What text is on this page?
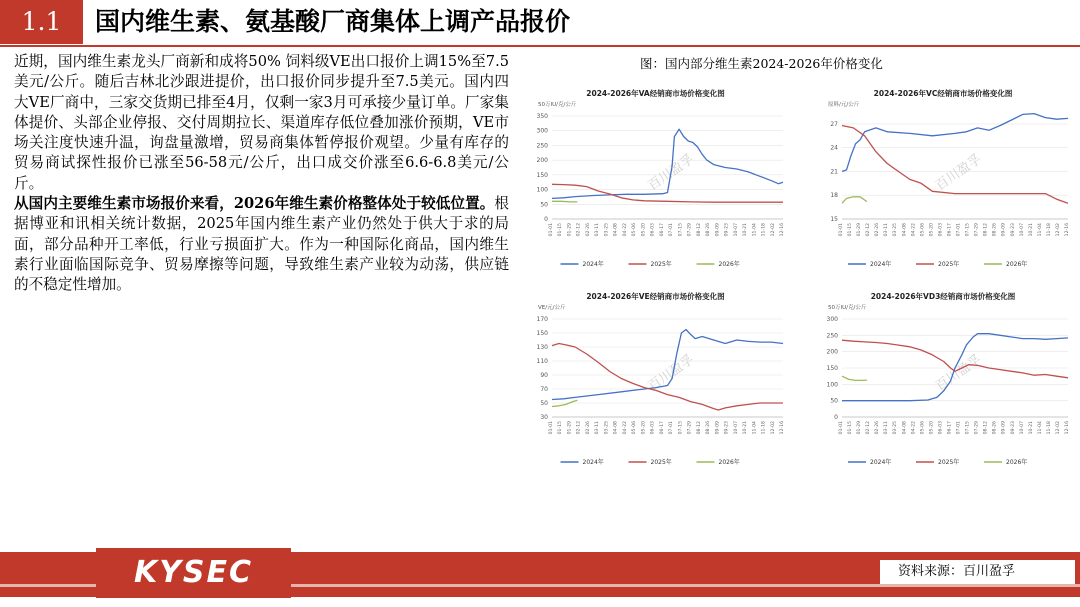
1.1	国内维生素、氨基酸厂商集体上调产品报价

近期，国内维生素龙头厂商新和成将50% 饲料级VE出口报价上调15%至7.5美元/公斤。随后吉林北沙跟进提价，出口报价同步提升至7.5美元。国内四大VE厂商中，三家交货期已排至4月，仅剩一家3月可承接少量订单。厂家集体提价、头部企业停报、交付周期拉长、渠道库存低位叠加涨价预期，VE市场关注度快速升温，询盘量激增，贸易商集体暂停报价观望。少量有库存的贸易商试探性报价已涨至56-58元/公斤，出口成交价涨至6.6-6.8美元/公斤。

从国内主要维生素市场报价来看，2026年维生素价格整体处于较低位置。根据博亚和讯相关统计数据，2025年国内维生素产业仍然处于供大于求的局面，部分品种开工率低，行业亏损面扩大。作为一种国际化商品，国内维生素行业面临国际竞争、贸易摩擦等问题，导致维生素产业较为动荡，供应链的不稳定性增加。

图：国内部分维生素2024-2026年价格变化
2024-2026年VA经销商市场价格变化图
50万IU/克/公斤
0
50
100
150
200
250
300
350
01-01 01-15 01-29 02-12 02-26 03-11 03-25 04-08 04-22 05-06 05-20 06-03 06-17 07-01 07-15 07-29 08-12 08-26 09-09 09-23 10-07 10-21 11-04 11-18 12-02 12-16
百川盈孚
2024年	2025年	2026年
2024-2026年VC经销商市场价格变化图
原料/元/公斤
15
18
21
24
27
01-01 01-15 01-29 02-12 02-26 03-11 03-25 04-08 04-22 05-06 05-20 06-03 06-17 07-01 07-15 07-29 08-12 08-26 09-09 09-23 10-07 10-21 11-04 11-18 12-02 12-16
百川盈孚
2024年	2025年	2026年
2024-2026年VE经销商市场价格变化图
VE/元/公斤
30
50
70
90
110
130
150
170
01-01 01-15 01-29 02-12 02-26 03-11 03-25 04-08 04-22 05-06 05-20 06-03 06-17 07-01 07-15 07-29 08-12 08-26 09-09 09-23 10-07 10-21 11-04 11-18 12-02 12-16
百川盈孚
2024年	2025年	2026年
2024-2026年VD3经销商市场价格变化图
50万IU/克/公斤
0
50
100
150
200
250
300
01-01 01-15 01-29 02-12 02-26 03-11 03-25 04-08 04-22 05-06 05-20 06-03 06-17 07-01 07-15 07-29 08-12 08-26 09-09 09-23 10-07 10-21 11-04 11-18 12-02 12-16
百川盈孚
2024年	2025年	2026年
KYSEC	资料来源：百川盈孚
